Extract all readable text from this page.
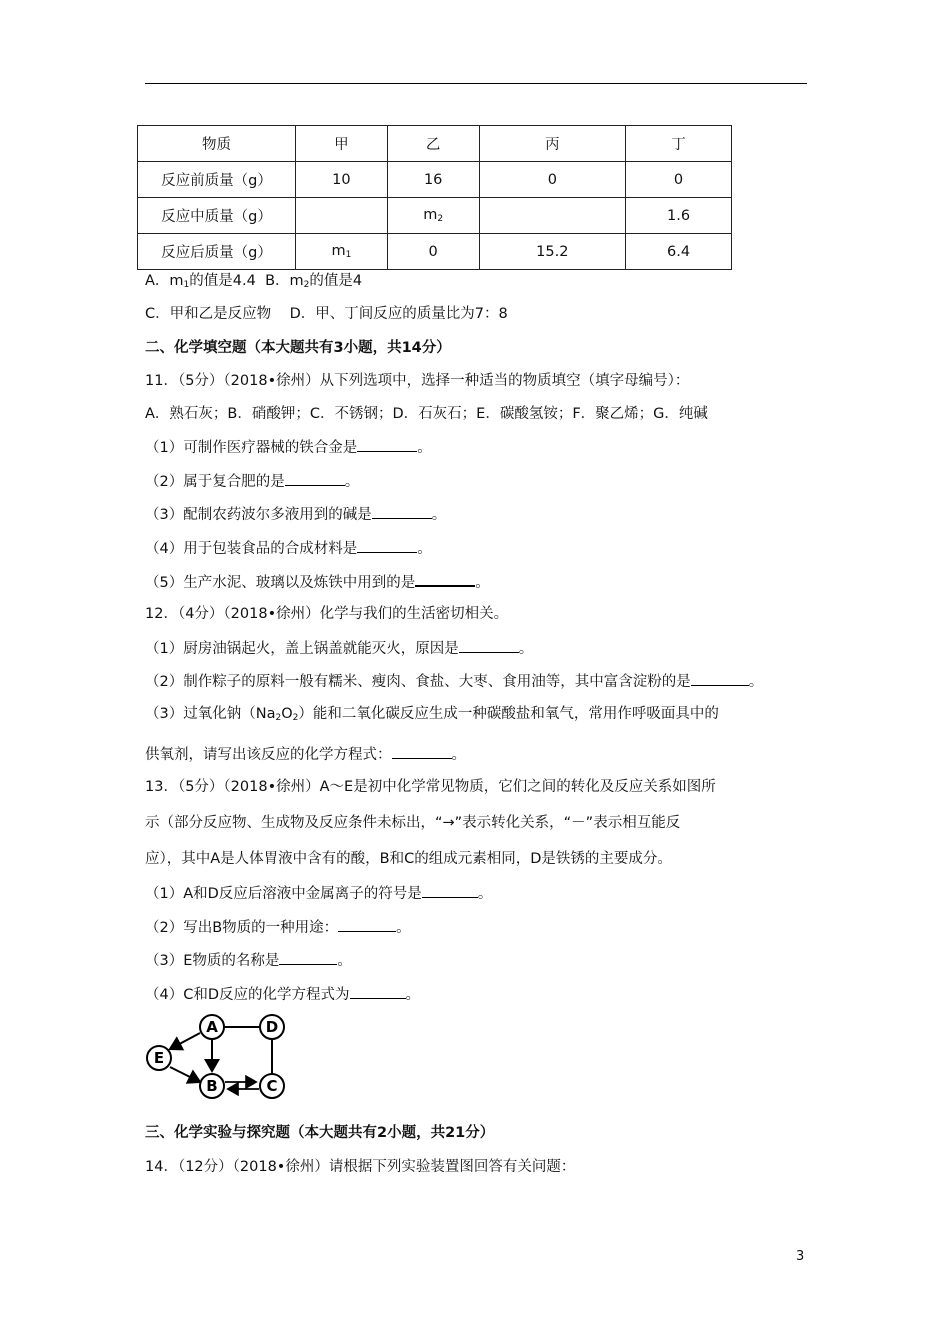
物质	甲	乙	丙	丁
反应前质量（g）	10	16	0	0
反应中质量（g）		$m_2$		1.6
反应后质量（g）	$m_1$	0	15.2	6.4
A．$m_1$的值是4.4 B．$m_2$的值是4
C．甲和乙是反应物 D．甲、丁间反应的质量比为7：8
二、化学填空题（本大题共有3小题，共14分）
11．（5分）（2018•徐州）从下列选项中，选择一种适当的物质填空（填字母编号）：
A．熟石灰；B．硝酸钾；C．不锈钢；D．石灰石；E．碳酸氢铵；F．聚乙烯；G．纯碱
（1）可制作医疗器械的铁合金是	。
（2）属于复合肥的是	。
（3）配制农药波尔多液用到的碱是	。
（4）用于包装食品的合成材料是	。
（5）生产水泥、玻璃以及炼铁中用到的是	。
12．（4分）（2018•徐州）化学与我们的生活密切相关。
（1）厨房油锅起火，盖上锅盖就能灭火，原因是	。
（2）制作粽子的原料一般有糯米、瘦肉、食盐、大枣、食用油等，其中富含淀粉的是	。
（3）过氧化钠$(Na_2O_2)$能和二氧化碳反应生成一种碳酸盐和氧气，常用作呼吸面具中的
供氧剂，请写出该反应的化学方程式：	。
13．（5分）（2018•徐州）A～E是初中化学常见物质，它们之间的转化及反应关系如图所
示（部分反应物、生成物及反应条件未标出，“→”表示转化关系，“－”表示相互能反
应），其中A是人体胃液中含有的酸，B和C的组成元素相同，D是铁锈的主要成分。
（1）A和D反应后溶液中金属离子的符号是	。
（2）写出B物质的一种用途：	。
（3）E物质的名称是	。
（4）C和D反应的化学方程式为	。
A	D
E
B	C
三、化学实验与探究题（本大题共有2小题，共21分）
14．（12分）（2018•徐州）请根据下列实验装置图回答有关问题：
3
